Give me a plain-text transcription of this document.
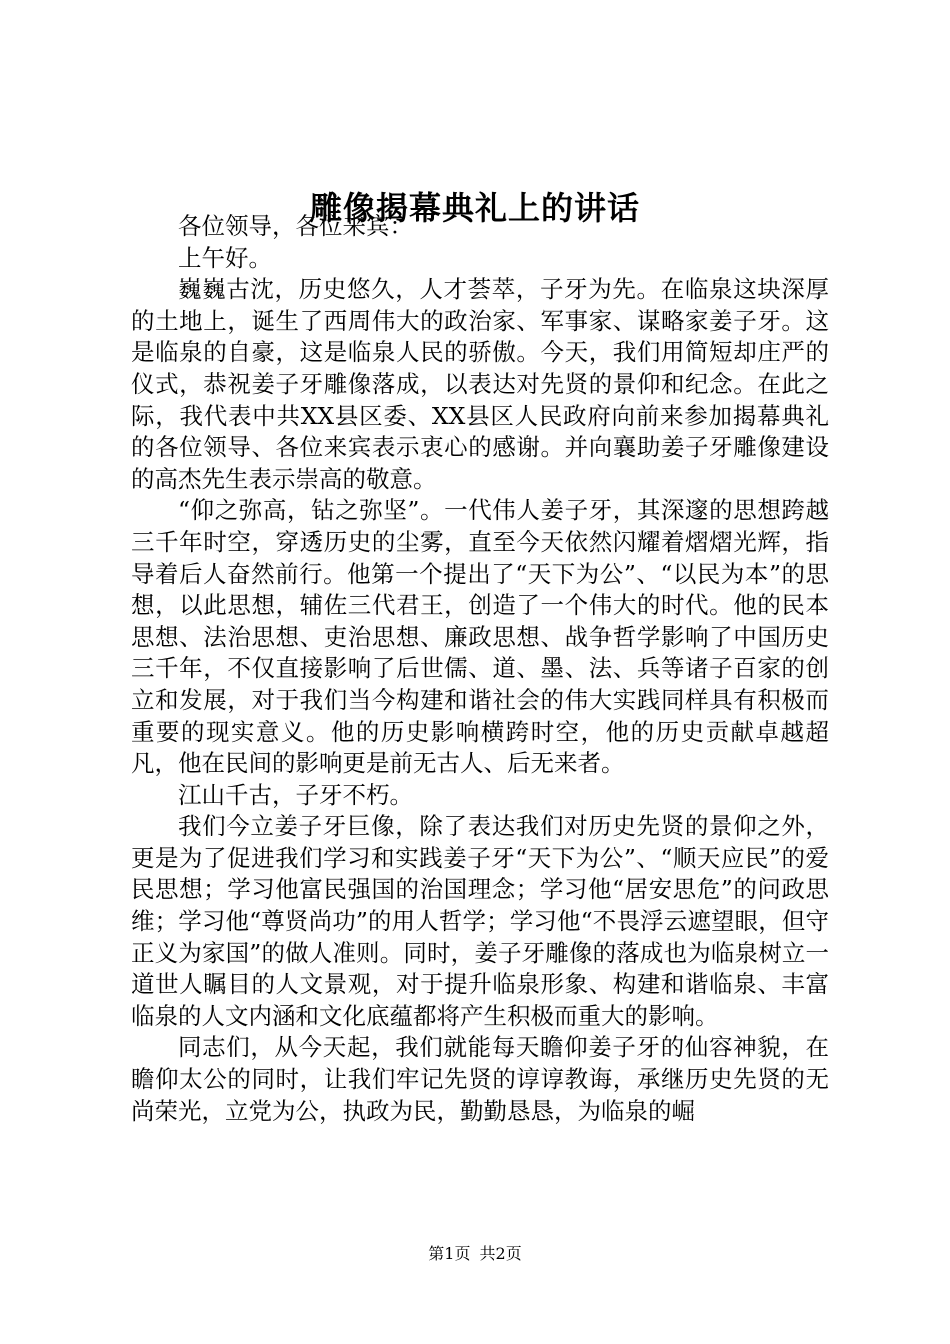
雕像揭幕典礼上的讲话

各位领导，各位来宾：

上午好。

巍巍古沈，历史悠久，人才荟萃，子牙为先。在临泉这块深厚的土地上，诞生了西周伟大的政治家、军事家、谋略家姜子牙。这是临泉的自豪，这是临泉人民的骄傲。今天，我们用简短却庄严的仪式，恭祝姜子牙雕像落成，以表达对先贤的景仰和纪念。在此之际，我代表中共XX县区委、XX县区人民政府向前来参加揭幕典礼的各位领导、各位来宾表示衷心的感谢。并向襄助姜子牙雕像建设的高杰先生表示崇高的敬意。

“仰之弥高，钻之弥坚”。一代伟人姜子牙，其深邃的思想跨越三千年时空，穿透历史的尘雾，直至今天依然闪耀着熠熠光辉，指导着后人奋然前行。他第一个提出了“天下为公”、“以民为本”的思想，以此思想，辅佐三代君王，创造了一个伟大的时代。他的民本思想、法治思想、吏治思想、廉政思想、战争哲学影响了中国历史三千年，不仅直接影响了后世儒、道、墨、法、兵等诸子百家的创立和发展，对于我们当今构建和谐社会的伟大实践同样具有积极而重要的现实意义。他的历史影响横跨时空，他的历史贡献卓越超凡，他在民间的影响更是前无古人、后无来者。

江山千古，子牙不朽。

我们今立姜子牙巨像，除了表达我们对历史先贤的景仰之外，更是为了促进我们学习和实践姜子牙“天下为公”、“顺天应民”的爱民思想；学习他富民强国的治国理念；学习他“居安思危”的问政思维；学习他“尊贤尚功”的用人哲学；学习他“不畏浮云遮望眼，但守正义为家国”的做人准则。同时，姜子牙雕像的落成也为临泉树立一道世人瞩目的人文景观，对于提升临泉形象、构建和谐临泉、丰富临泉的人文内涵和文化底蕴都将产生积极而重大的影响。

同志们，从今天起，我们就能每天瞻仰姜子牙的仙容神貌，在瞻仰太公的同时，让我们牢记先贤的谆谆教诲，承继历史先贤的无尚荣光，立党为公，执政为民，勤勤恳恳，为临泉的崛

第1页 共2页
